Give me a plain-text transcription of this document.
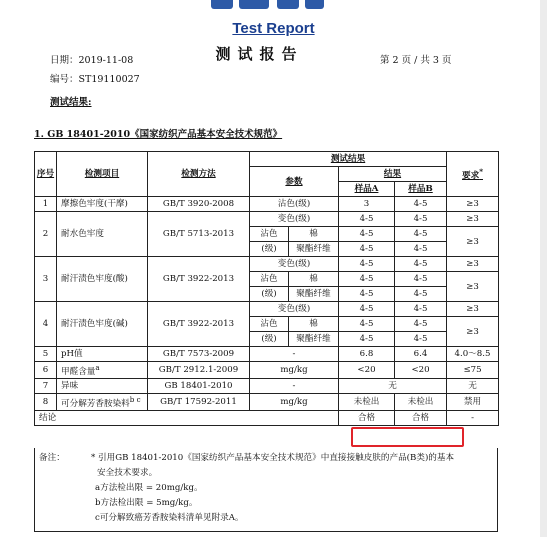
Test Report
测试报告
日期：2019-11-08	第 2 页 / 共 3 页
编号：ST19110027
测试结果:
1. GB 18401-2010《国家纺织产品基本安全技术规范》
序号	检测项目	检测方法	测试结果				要求*
			参数		结果		
					样品A	样品B	
1	摩擦色牢度(干摩)	GB/T 3920-2008	沾色(级)		3	4-5	≥3
2	耐水色牢度	GB/T 5713-2013	变色(级)		4-5	4-5	≥3
			沾色	棉	4-5	4-5	≥3
			(级)	聚酯纤维	4-5	4-5	
3	耐汗渍色牢度(酸)	GB/T 3922-2013	变色(级)		4-5	4-5	≥3
			沾色	棉	4-5	4-5	≥3
			(级)	聚酯纤维	4-5	4-5	
4	耐汗渍色牢度(碱)	GB/T 3922-2013	变色(级)		4-5	4-5	≥3
			沾色	棉	4-5	4-5	≥3
			(级)	聚酯纤维	4-5	4-5	
5	pH值	GB/T 7573-2009	-		6.8	6.4	4.0～8.5
6	甲醛含量$^a$	GB/T 2912.1-2009	mg/kg		<20	<20	≤75
7	异味	GB 18401-2010	-		无		无
8	可分解芳香胺染料$^{b c}$	GB/T 17592-2011	mg/kg		未检出	未检出	禁用
结论					合格	合格	-
备注：	* 引用GB 18401-2010《国家纺织产品基本安全技术规范》中直接接触皮肤的产品(B类)的基本
安全技术要求。
a方法检出限 = 20mg/kg。
b方法检出限 = 5mg/kg。
c可分解致癌芳香胺染料清单见附录A。
